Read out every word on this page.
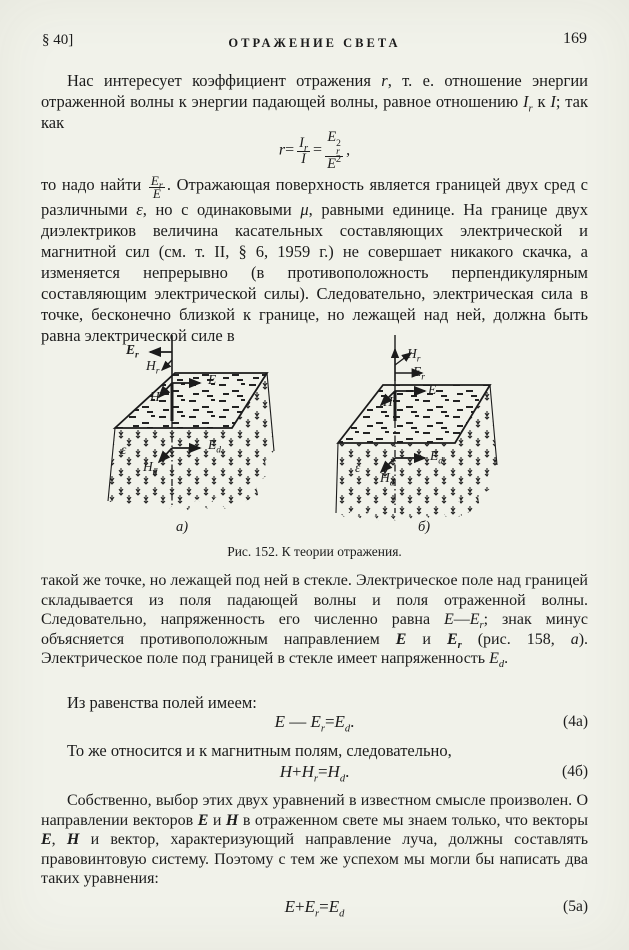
§ 40]	ОТРАЖЕНИЕ СВЕТА	169
Нас интересует коэффициент отражения r, т. е. отношение энергии отраженной волны к энергии падающей волны, равное отношению $I_r$ к I; так как
$r= \frac{I_r}{I} = E$ 2
r
$E^2$ ,
то надо найти $\frac{E_r}{E}$ . Отражающая поверхность является границей двух сред с различными ε, но с одинаковыми μ, равными единице. На границе двух диэлектриков величина касательных составляющих электрической и магнитной сил (см. т. II, § 6, 1959 г.) не совершает никакого скачка, а изменяется непрерывно (в противоположность перпендикулярным составляющим электрической силы). Следовательно, электрическая сила в точке, бесконечно близкой к границе, но лежащей над ней, должна быть равна электрической силе в
$E_r$
$H_r$
E
H
$E_d$
$H_d$
ε
а)
$H_r$
$E_r$
E
H
$E_d$
$H_d$
ε
б)
Рис. 152. К теории отражения.
такой же точке, но лежащей под ней в стекле. Электрическое поле над границей складывается из поля падающей волны и поля отраженной волны. Следовательно, напряженность его численно равна $E—E_r$; знак минус объясняется противоположным направлением E и $E_r$ (рис. 158, а). Электрическое поле под границей в стекле имеет напряженность $E_d$.
Из равенства полей имеем:
E — $E_r=E_d$.	(4а)
То же относится и к магнитным полям, следовательно,
$H+H_r=H_d$.	(4б)
Собственно, выбор этих двух уравнений в известном смысле произволен. О направлении векторов E и H в отраженном свете мы знаем только, что векторы E, H и вектор, характеризующий направление луча, должны составлять правовинтовую систему. Поэтому с тем же успехом мы могли бы написать два таких уравнения:
$E+E_r=E_d$	(5а)
